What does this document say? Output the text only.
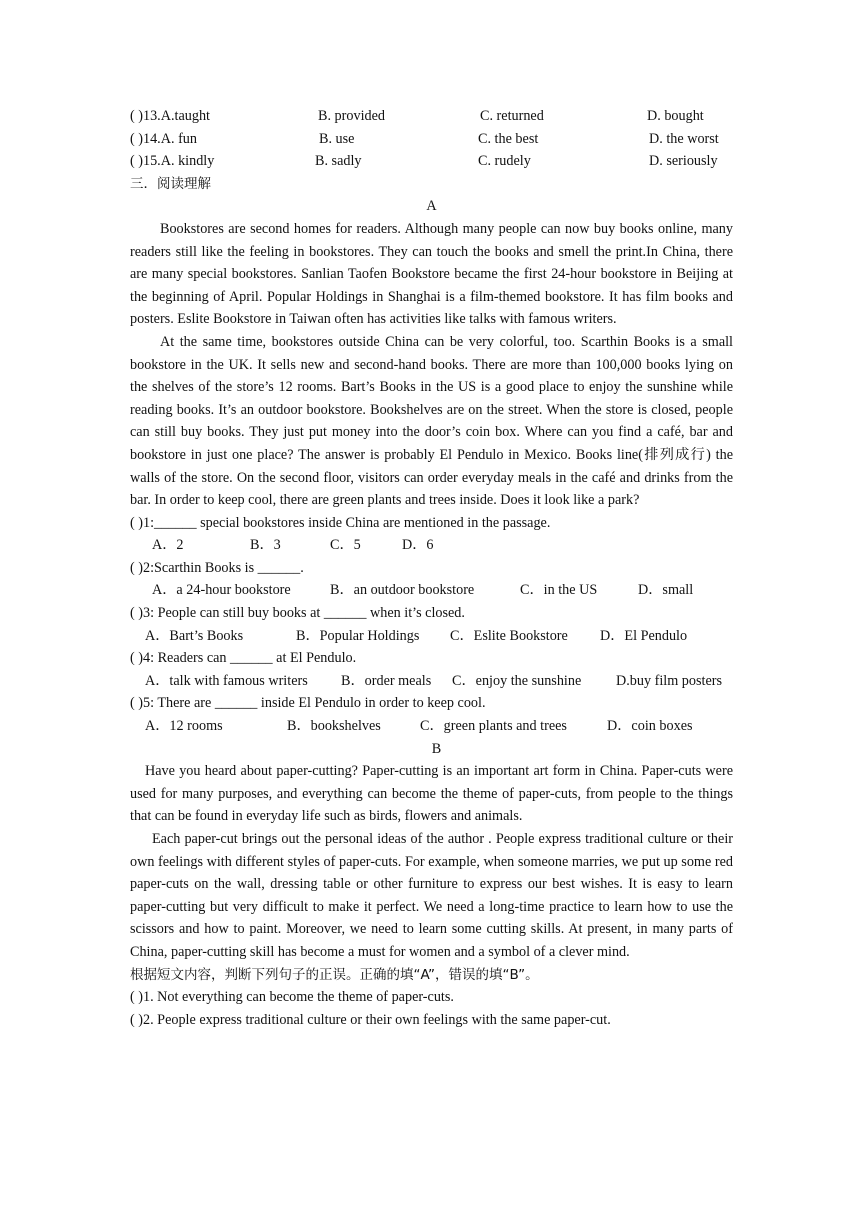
( )13.A.taught	B. provided	C. returned	D. bought
( )14.A. fun	B. use	C. the best	D. the worst
( )15.A. kindly	B. sadly	C. rudely	D. seriously
三．阅读理解
A

Bookstores are second homes for readers. Although many people can now buy books online, many readers still like the feeling in bookstores. They can touch the books and smell the print.In China, there are many special bookstores. Sanlian Taofen Bookstore became the first 24-hour bookstore in Beijing at the beginning of April. Popular Holdings in Shanghai is a film-themed bookstore. It has film books and posters. Eslite Bookstore in Taiwan often has activities like talks with famous writers.

At the same time, bookstores outside China can be very colorful, too. Scarthin Books is a small bookstore in the UK. It sells new and second-hand books. There are more than 100,000 books lying on the shelves of the store’s 12 rooms. Bart’s Books in the US is a good place to enjoy the sunshine while reading books. It’s an outdoor bookstore. Bookshelves are on the street. When the store is closed, people can still buy books. They just put money into the door’s coin box. Where can you find a café, bar and bookstore in just one place? The answer is probably El Pendulo in Mexico. Books line(排列成行) the walls of the store. On the second floor, visitors can order everyday meals in the café and drinks from the bar. In order to keep cool, there are green plants and trees inside. Does it look like a park?

( )1:______ special bookstores inside China are mentioned in the passage.
A．2	B．3	C．5	D．6
( )2:Scarthin Books is ______.
A．a 24-hour bookstore	B．an outdoor bookstore	C．in the US	D．small
( )3: People can still buy books at ______ when it’s closed.
A．Bart’s Books	B．Popular Holdings C．Eslite Bookstore D．El Pendulo
( )4: Readers can ______ at El Pendulo.
A．talk with famous writers B．order meals C．enjoy the sunshine D.buy film posters
( )5: There are ______ inside El Pendulo in order to keep cool.
A．12 rooms	B．bookshelves	C．green plants and trees	D．coin boxes
B

Have you heard about paper-cutting? Paper-cutting is an important art form in China. Paper-cuts were used for many purposes, and everything can become the theme of paper-cuts, from people to the things that can be found in everyday life such as birds, flowers and animals.

Each paper-cut brings out the personal ideas of the author . People express traditional culture or their own feelings with different styles of paper-cuts. For example, when someone marries, we put up some red paper-cuts on the wall, dressing table or other furniture to express our best wishes. It is easy to learn paper-cutting but very difficult to make it perfect. We need a long-time practice to learn how to use the scissors and how to paint. Moreover, we need to learn some cutting skills. At present, in many parts of China, paper-cutting skill has become a must for women and a symbol of a clever mind.

根据短文内容，判断下列句子的正误。正确的填“A”，错误的填“B”。
( )1. Not everything can become the theme of paper-cuts.
( )2. People express traditional culture or their own feelings with the same paper-cut.
